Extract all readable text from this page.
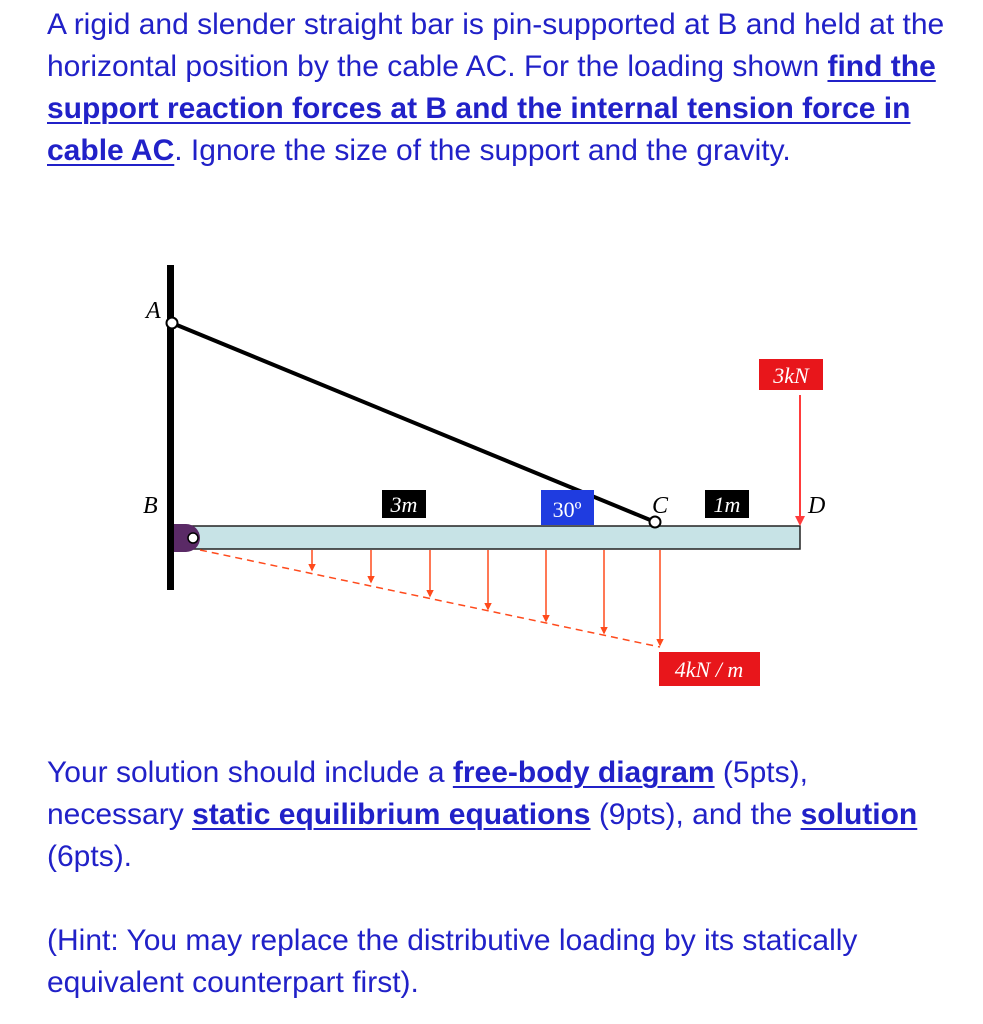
A rigid and slender straight bar is pin-supported at B and held at the horizontal position by the cable AC. For the loading shown find the support reaction forces at B and the internal tension force in cable AC. Ignore the size of the support and the gravity.
A
B	C	D
3m	1m
30º
3kN
4kN / m
Your solution should include a free-body diagram (5pts), necessary static equilibrium equations (9pts), and the solution (6pts).
(Hint: You may replace the distributive loading by its statically equivalent counterpart first).
